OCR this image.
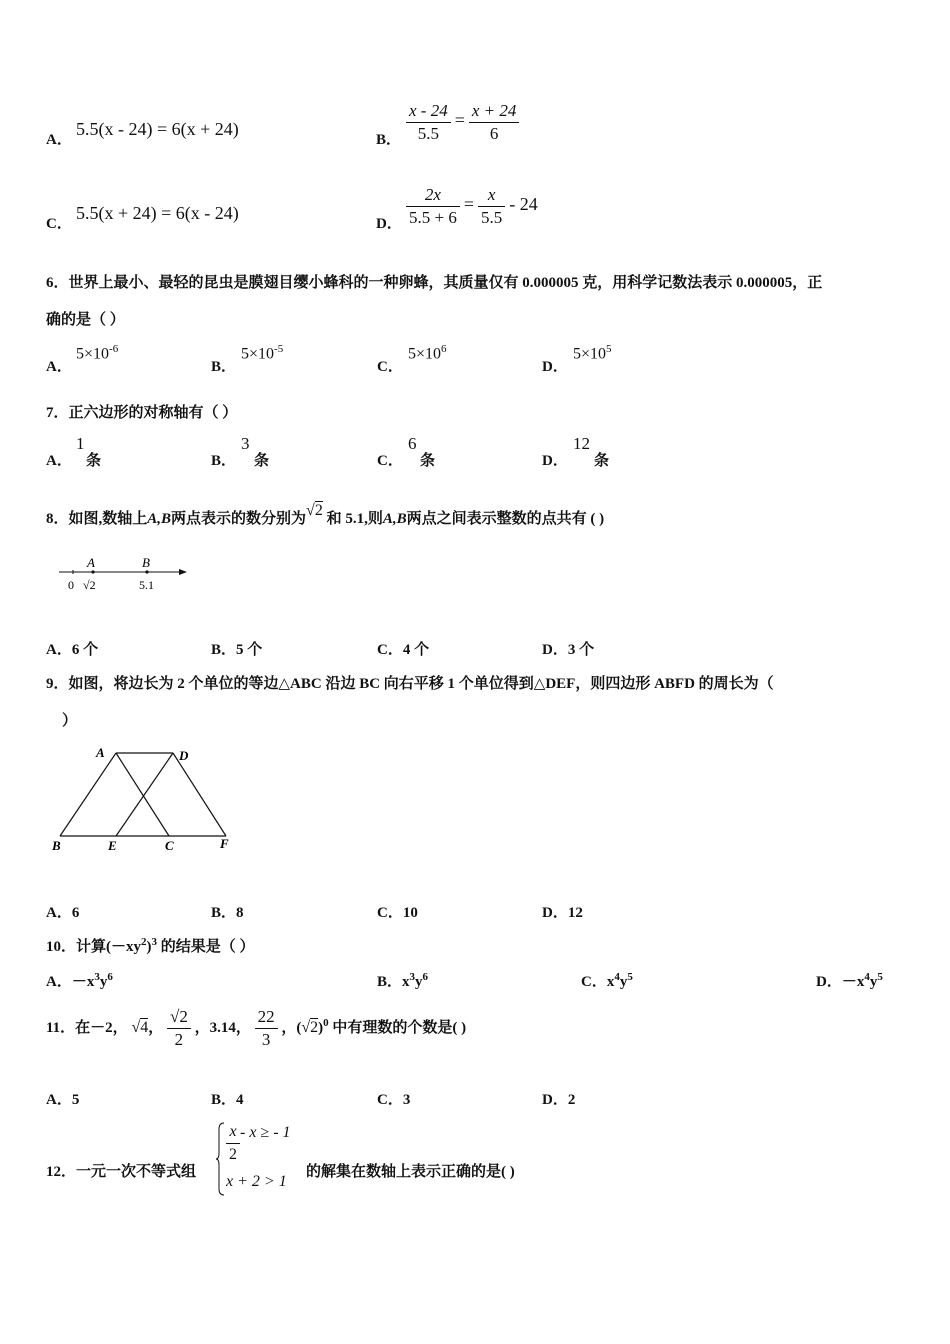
A．
5.5(x - 24) = 6(x + 24)
B． $\frac{x - 24}{5.5} = \frac{x + 24}{6}$
C．
5.5(x + 24) = 6(x - 24)
D． $\frac{2x}{5.5 + 6} = \frac{x}{5.5} - 24$
6．世界上最小、最轻的昆虫是膜翅目缨小蜂科的一种卵蜂，其质量仅有 0.000005 克，用科学记数法表示 0.000005，正
确的是（ ）
A．
$5\times 10^{-6}$
B．
$5\times 10^{-5}$
C．
$5\times 10^6$
D．
$5\times 10^5$
7．正六边形的对称轴有（ ）
A．
1
条	B．
3
条	C．
6
条	D．
12
条
8．如图,数轴上A,B两点表示的数分别为√2 和 5.1,则A,B两点之间表示整数的点共有 ( )
A	B
0 √2	5.1
A．6 个	B．5 个	C．4 个	D．3 个
9．如图，将边长为 2 个单位的等边△ABC 沿边 BC 向右平移 1 个单位得到△DEF，则四边形 ABFD 的周长为（
）
A	D
B	E	C	F
A．6	B．8	C．10	D．12
10．计算$(-xy^2)^3$ 的结果是（ ）
A．$-x^3y^6$	B．$x^3y^6$	C．$x^4y^5$	D．$-x^4y^5$
11．在－2， √4， $\frac{√2}{2}$ ，3.14， $\frac{22}{3}$ ，$(√2)^0$ 中有理数的个数是( )
A．5	B．4	C．3	D．2
12．一元一次不等式组
$\frac{x}{2}$ - x ≥ - 1
x + 2 > 1
的解集在数轴上表示正确的是( )
